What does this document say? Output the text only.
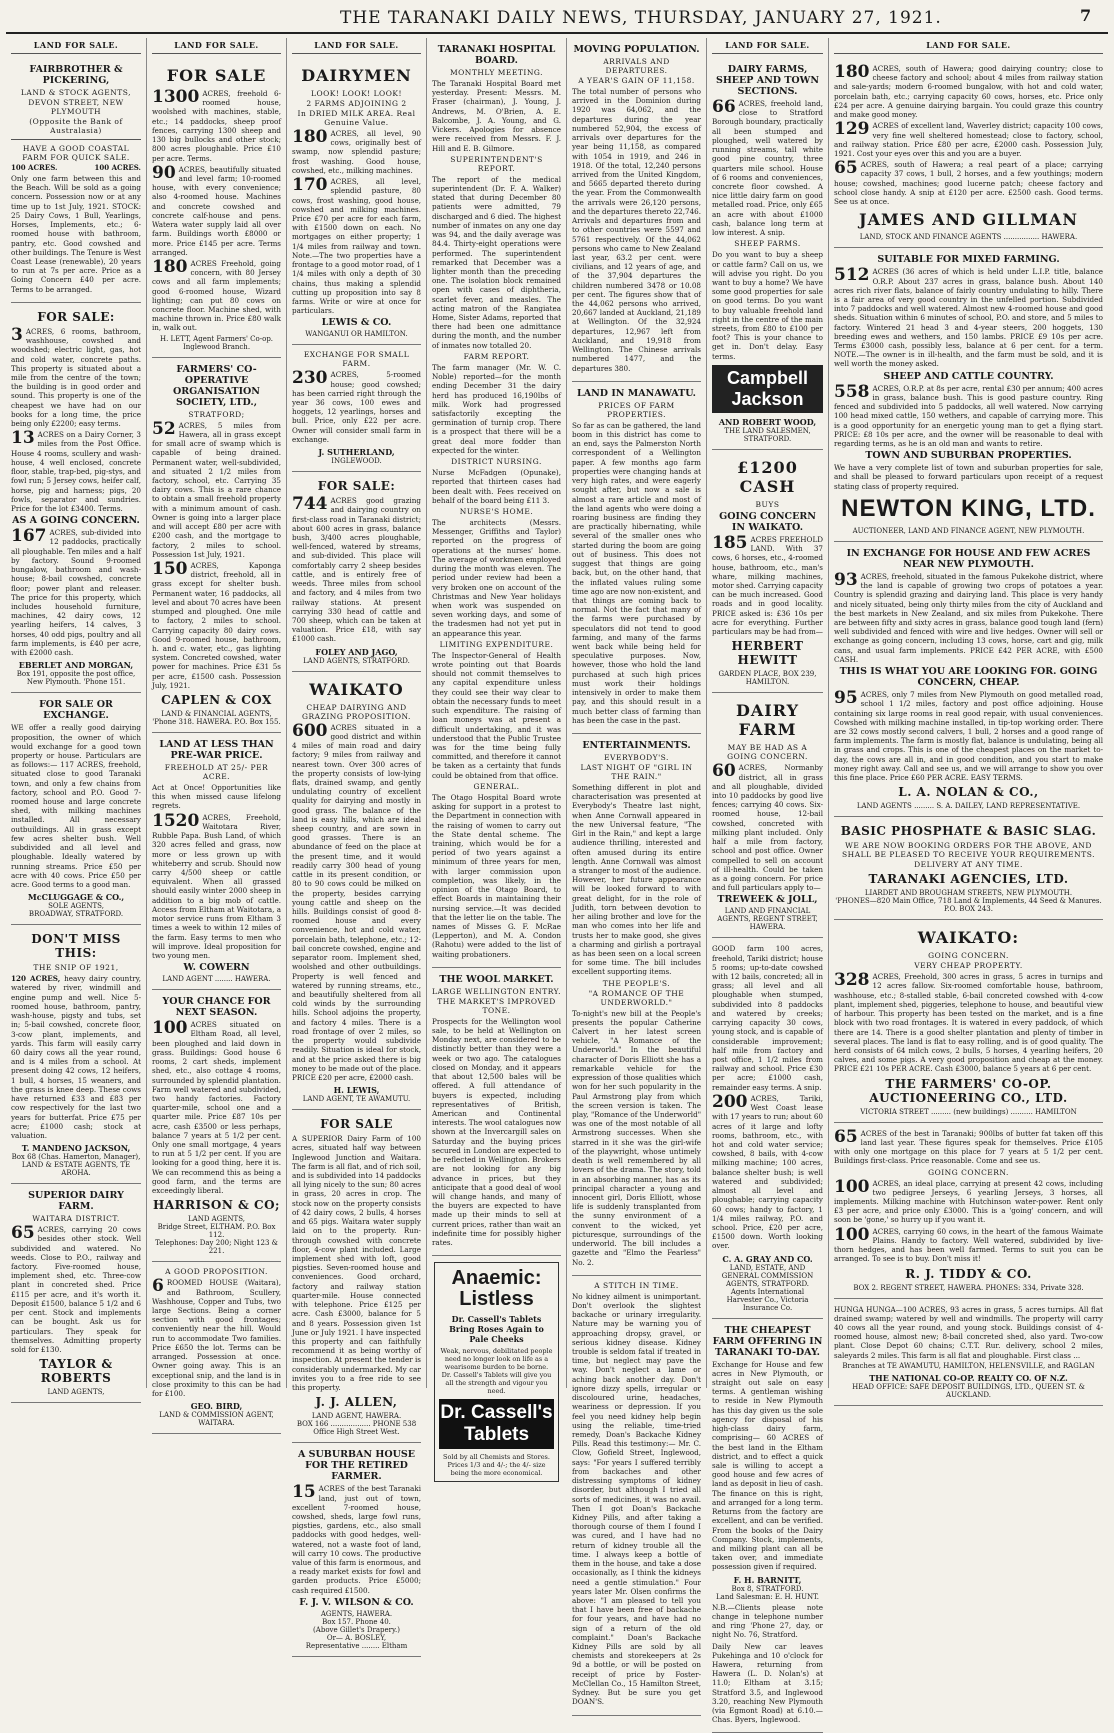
THE TARANAKI DAILY NEWS, THURSDAY, JANUARY 27, 1921.	7
LAND FOR SALE.
FAIRBROTHER & PICKERING,
LAND & STOCK AGENTS,
DEVON STREET, NEW PLYMOUTH
(Opposite the Bank of Australasia)
HAVE A GOOD COASTAL FARM FOR QUICK SALE.
100 ACRES.	100 ACRES.
Only one farm between this and the Beach. Will be sold as a going concern. Possession now or at any time up to 1st July, 1921. STOCK: 25 Dairy Cows, 1 Bull, Yearlings, Horses, Implements, etc.; 6-roomed house with bathroom, pantry, etc. Good cowshed and other buildings. The Tenure is West Coast Lease (renewable), 20 years to run at 7s per acre. Price as a Going Concern £40 per acre. Terms to be arranged.
FOR SALE:
3 ACRES, 6 rooms, bathroom, washhouse, cowshed and woodshed; electric light, gas, hot and cold water, concrete paths. This property is situated about a mile from the centre of the town; the building is in good order and sound. This property is one of the cheapest we have had on our books for a long time, the price being only £2200; easy terms.
13 ACRES on a Dairy Corner, 3 miles from the Post Office. House 4 rooms, scullery and wash-house, 4 well enclosed, concrete floor, stable, trap-bed, pig-stys, and fowl run; 5 Jersey cows, heifer calf, horse, pig and harness; pigs, 20 fowls, separator and sundries. Price for the lot £3400. Terms.
AS A GOING CONCERN.
167 ACRES, sub-divided into 12 paddocks, practically all ploughable. Ten miles and a half by factory. Sound 9-roomed bungalow, bathroom and wash-house; 8-bail cowshed, concrete floor; power plant and releaser. The price for this property, which includes household furniture, machines, 42 dairy cows, 12 yearling heifers, 14 calves, 3 horses, 40 odd pigs, poultry and all farm implements, is £40 per acre, with £2000 cash.
EBERLET AND MORGAN,
Box 191, opposite the post office, New Plymouth. 'Phone 151.
FOR SALE OR EXCHANGE.
WE offer a really good dairying proposition, the owner of which would exchange for a good town property or house. Particulars are as follows:— 117 ACRES, freehold, situated close to good Taranaki town, and only a few chains from factory, school and P.O. Good 7-roomed house and large concrete shed, with milking machines installed. All necessary outbuildings. All in grass except few acres shelter bush. Well subdivided and all level and ploughable. Ideally watered by running streams. Price £50 per acre with 40 cows. Price £50 per acre. Good terms to a good man.
McCLUGGAGE & CO.,
SOLE AGENTS,
BROADWAY, STRATFORD.
DON'T MISS THIS:
THE SNIP OF 1921,
120 ACRES, heavy dairy country, watered by river, windmill and engine pump and well. Nice 5-roomed house, bathroom, pantry, wash-house, pigsty and tubs, set in; 5-bail cowshed, concrete floor, 3-cow plant, implements, and yards. This farm will easily carry 60 dairy cows all the year round, and is 4 miles from a school. At present doing 42 cows, 12 heifers, 1 bull, 4 horses, 15 weaners, and the grass is knee deep. These cows have returned £33 and £83 per cow respectively for the last two years for butterfat. Price £75 per acre; £1000 cash; stock at valuation.
T. MANDENO JACKSON,
Box 68 (Chas. Hamerton, Manager), LAND & ESTATE AGENTS, TE AROHA.
SUPERIOR DAIRY FARM.
WAITARA DISTRICT.
65 ACRES, carrying 20 cows besides other stock. Well subdivided and watered. No weeds. Close to P.O., railway and factory. Five-roomed house, implement shed, etc. Three-cow plant in concreted shed. Price £115 per acre, and it's worth it. Deposit £1500, balance 5 1/2 and 6 per cent. Stock and implements can be bought. Ask us for particulars. They speak for themselves. Admitting property sold for £130.
TAYLOR & ROBERTS
LAND AGENTS,
LAND FOR SALE.
FOR SALE
1300 ACRES, freehold 6-roomed house, woolshed with machines, stable, etc.; 14 paddocks, sheep proof fences, carrying 1300 sheep and 130 big bullocks and other stock; 800 acres ploughable. Price £10 per acre. Terms.
90 ACRES, beautifully situated and level farm; 10-roomed house, with every convenience; also 4-roomed house. Machines and concrete cowshed and concrete calf-house and pens. Watera water supply laid all over farm. Buildings worth £8000 or more. Price £145 per acre. Terms arranged.
180 ACRES Freehold, going concern, with 80 Jersey cows and all farm implements; good 6-roomed house, Wizard lighting; can put 80 cows on concrete floor. Machine shed, with machine thrown in. Price £80 walk in, walk out.
H. LETT, Agent Farmers' Co-op. Inglewood Branch.
FARMERS' CO-OPERATIVE ORGANISATION SOCIETY, LTD.,
STRATFORD;
52 ACRES, 5 miles from Hawera, all in grass except for small acre of swamp which is capable of being drained. Permanent water, well-subdivided, and situated 2 1/2 miles from factory, school, etc. Carrying 35 dairy cows. This is a rare chance to obtain a small freehold property with a minimum amount of cash. Owner is going into a larger place and will accept £80 per acre with £200 cash, and the mortgage to factory, 2 miles to school. Possession 1st July, 1921.
150 ACRES, Kaponga district, freehold, all in grass except for shelter bush. Permanent water, 16 paddocks, all level and about 70 acres have been stumped and ploughed. One mile to factory, 2 miles to school. Carrying capacity 80 dairy cows. Good 9-roomed house, bathroom, h. and c. water, etc., gas lighting system. Concreted cowshed, water power for machines. Price £31 5s per acre, £1500 cash. Possession July, 1921.
CAPLEN & COX
LAND & FINANCIAL AGENTS,
'Phone 318. HAWERA. P.O. Box 155.
LAND AT LESS THAN PRE-WAR PRICE.
FREEHOLD AT 25/- PER ACRE.
Act at Once! Opportunities like this when missed cause lifelong regrets.
1520 ACRES, Freehold, Waitotara River, Rubble Papa. Bush Land, of which 320 acres felled and grass, now more or less grown up with whiteberry and scrub. Should now carry 4/500 sheep or cattle equivalent. When all grassed should easily winter 2000 sheep in addition to a big mob of cattle. Access from Eltham at Waitotara, a motor service runs from Eltham 3 times a week to within 12 miles of the farm. Easy terms to men who will improve. Ideal proposition for two young men.
W. COWERN
LAND AGENT ........ HAWERA.
YOUR CHANCE FOR NEXT SEASON.
100 ACRES situated on Eltham Road, all level, been ploughed and laid down in grass. Buildings: Good house 6 rooms, 2 cart sheds, implement shed, etc., also cottage 4 rooms, surrounded by splendid plantation. Farm well watered and subdivided, two handy factories. Factory quarter-mile, school one and a quarter mile. Price £87 10s per acre, cash £3500 or less perhaps, balance 7 years at 5 1/2 per cent. Only one small mortgage, 4 years to run at 5 1/2 per cent. If you are looking for a good thing, here it is. We can recommend this as being a good farm, and the terms are exceedingly liberal.
HARRISON & CO;
LAND AGENTS,
Bridge Street, ELTHAM. P.O. Box 112.
Telephones: Day 200; Night 123 & 221.
A GOOD PROPOSITION.
6 ROOMED HOUSE (Waitara), and Bathroom, Scullery, Washhouse, Copper and Tubs, two large Sections. Being a corner section with good frontages; conveniently near the hill. Would run to accommodate Two families. Price £650 the lot. Terms can be arranged. Possession at once. Owner going away. This is an exceptional snip, and the land is in close proximity to this can be had for £100.
GEO. BIRD,
LAND & COMMISSION AGENT, WAITARA.
LAND FOR SALE.
DAIRYMEN
LOOK! LOOK! LOOK!
2 FARMS ADJOINING 2
In DRIED MILK AREA. Real Genuine Value.
180 ACRES, all level, 90 cows, originally best of swamp, now splendid pasture; frost washing. Good house, cowshed, etc., milking machines.
170 ACRES, all level, splendid pasture, 80 cows, frost washing, good house, cowshed and milking machines. Price £70 per acre for each farm, with £1500 down on each. No mortgages on either property; 1 1/4 miles from railway and town. Note.—The two properties have a frontage to a good motor road, of 1 1/4 miles with only a depth of 30 chains, thus making a splendid cutting up proposition into say 8 farms. Write or wire at once for particulars.
LEWIS & CO.
WANGANUI OR HAMILTON.
EXCHANGE FOR SMALL FARM.
230 ACRES, 5-roomed house; good cowshed; has been carried right through the year 36 cows, 100 ewes and hoggets, 12 yearlings, horses and bull. Price, only £22 per acre. Owner will consider small farm in exchange.
J. SUTHERLAND,
INGLEWOOD.
FOR SALE:
744 ACRES good grazing and dairying country on first-class road in Taranaki district; about 600 acres in grass, balance bush, 3/400 acres ploughable, well-fenced, watered by streams, and sub-divided. This place will comfortably carry 2 sheep besides cattle, and is entirely free of weeds. Three miles from school and factory, and 4 miles from two railway stations. At present carrying 330 head of cattle and 700 sheep, which can be taken at valuation. Price £18, with say £1000 cash.
FOLEY AND JAGO,
LAND AGENTS, STRATFORD.
WAIKATO
CHEAP DAIRYING AND GRAZING PROPOSITION.
600 ACRES situated in a good district and within 4 miles of main road and dairy factory; 9 miles from railway and nearest town. Over 300 acres of the property consists of low-lying flats, drained swamp, and gently undulating country of excellent quality for dairying and mostly in good grass. The balance of the land is easy hills, which are ideal sheep country, and are sown in good grasses. There is an abundance of feed on the place at the present time, and it would readily carry 300 head of young cattle in its present condition, or 80 to 90 cows could be milked on the property, besides carrying young cattle and sheep on the hills. Buildings consist of good 8-roomed house and every convenience, hot and cold water, porcelain bath, telephone, etc.; 12-bail concrete cowshed, engine and separator room. Implement shed, woolshed and other outbuildings. Property is well fenced and watered by running streams, etc., and beautifully sheltered from all cold winds by the surrounding hills. School adjoins the property, and factory 4 miles. There is a road frontage of over 2 miles, so the property would subdivide readily. Situation is ideal for stock, and at the price asked there is big money to be made out of the place. PRICE £20 per acre, £2000 cash.
H. LEWIS,
LAND AGENT, TE AWAMUTU.
FOR SALE
A SUPERIOR Dairy Farm of 100 acres, situated half way between Inglewood Junction and Waitara. The farm is all flat, and of rich soil, and is subdivided into 14 paddocks all lying nicely to the sun; 80 acres in grass, 20 acres in crop. The stock now on the property consists of 42 dairy cows, 2 bulls, 4 horses and 65 pigs. Waitara water supply laid on to the property. Run-through cowshed with concrete floor, 4-cow plant included. Large implement shed with loft, good pigsties. Seven-roomed house and conveniences. Good orchard, factory and railway station quarter-mile. House connected with telephone. Price £125 per acre. Cash £3000, balance for 5 and 8 years. Possession given 1st June or July 1921. I have inspected this property and can faithfully recommend it as being worthy of inspection. At present the tender is considerably undermarked. My car invites you to a free ride to see this property.
J. J. ALLEN,
LAND AGENT, HAWERA.
BOX 166 .................. PHONE 538
Office High Street West.
A SUBURBAN HOUSE FOR THE RETIRED FARMER.
15 ACRES of the best Taranaki land, just out of town, excellent 7-roomed house, cowshed, sheds, large fowl runs, pigsties, gardens, etc., also small paddocks with good hedges, well-watered, not a waste foot of land, will carry 10 cows. The productive value of this farm is enormous, and a ready market exists for fowl and garden products. Price £5000; cash required £1500.
F. J. V. WILSON & CO.
AGENTS, HAWERA.
Box 157. Phone 40.
(Above Gillet's Drapery.)
Or— A. BOSLEY,
Representative ........ Eltham
TARANAKI HOSPITAL BOARD.
MONTHLY MEETING.
The Taranaki Hospital Board met yesterday. Present: Messrs. M. Fraser (chairman), J. Young, J. Andrews, M. O'Brien, A. E. Balcombe, J. A. Young, and G. Vickers. Apologies for absence were received from Messrs. F. J. Hill and E. B. Gilmore.
SUPERINTENDENT'S REPORT.
The report of the medical superintendent (Dr. F. A. Walker) stated that during December 80 patients were admitted, 79 discharged and 6 died. The highest number of inmates on any one day was 94, and the daily average was 84.4. Thirty-eight operations were performed. The superintendent remarked that December was a lighter month than the preceding one. The isolation block remained open with cases of diphtheria, scarlet fever, and measles. The acting matron of the Rangiatea Home, Sister Adams, reported that there had been one admittance during the month, and the number of inmates now totalled 20.
FARM REPORT.
The farm manager (Mr. W. C. Noble) reported—for the month ending December 31 the dairy herd has produced 16,190lbs of milk. Work had progressed satisfactorily excepting the germination of turnip crop. There is a prospect that there will be a great deal more fodder than expected for the winter.
DISTRICT NURSING.
Nurse McFadgen (Opunake), reported that thirteen cases had been dealt with. Fees received on behalf of the board being £11 3.
NURSE'S HOME.
The architects (Messrs. Messenger, Griffiths and Taylor) reported on the progress of operations at the nurses' home. The average of workmen employed during the month was eleven. The period under review had been a very broken one on account of the Christmas and New Year holidays when work was suspended on seven working days, and some of the tradesmen had not yet put in an appearance this year.
LIMITING EXPENDITURE.
The Inspector-General of Health wrote pointing out that Boards should not commit themselves to any capital expenditure unless they could see their way clear to obtain the necessary funds to meet such expenditure. The raising of loan moneys was at present a difficult undertaking, and it was understood that the Public Trustee was for the time being fully committed, and therefore it cannot be taken as a certainty that funds could be obtained from that office.
GENERAL.
The Otago Hospital Board wrote asking for support in a protest to the Department in connection with the raising of women to carry out the State dental scheme. The training, which would be for a period of two years against a minimum of three years for men, with larger commission upon completion, was likely, in the opinion of the Otago Board, to effect Boards in maintaining their nursing service.—It was decided that the letter lie on the table. The names of Misses G. F. McRae (Lepperton), and M. A. Condon (Rahotu) were added to the list of waiting probationers.
THE WOOL MARKET.
LARGE WELLINGTON ENTRY.
THE MARKET'S IMPROVED TONE.
Prospects for the Wellington wool sale, to be held at Wellington on Monday next, are considered to be distinctly better than they were a week or two ago. The catalogues closed on Monday, and it appears that about 12,500 bales will be offered. A full attendance of buyers is expected, including representatives of British, American and Continental interests. The wool catalogues now shown at the Invercargill sales on Saturday and the buying prices secured in London are expected to be reflected in Wellington. Brokers are not looking for any big advance in prices, but they anticipate that a good deal of wool will change hands, and many of the buyers are expected to have made up their minds to sell at current prices, rather than wait an indefinite time for possibly higher rates.
Anaemic:
Listless
Dr. Cassell's Tablets Bring Roses Again to Pale Cheeks
Weak, nervous, debilitated people need no longer look on life as a wearisome burden to be borne. Dr. Cassell's Tablets will give you all the strength and vigour you need.
Dr. Cassell's Tablets
Sold by all Chemists and Stores. Prices 1/3 and 4/-; the 4/- size being the more economical.
MOVING POPULATION.
ARRIVALS AND DEPARTURES.
A YEAR'S GAIN OF 11,158.
The total number of persons who arrived in the Dominion during 1920 was 64,062, and the departures during the year numbered 52,904, the excess of arrivals over departures for the year being 11,158, as compared with 1054 in 1919, and 246 in 1918. Of the total, 12,240 persons arrived from the United Kingdom, and 5665 departed thereto during the year. From the Commonwealth the arrivals were 26,120 persons, and the departures thereto 22,746. Arrivals and departures from and to other countries were 5597 and 5761 respectively. Of the 44,062 persons who came to New Zealand last year, 63.2 per cent. were civilians, and 12 years of age, and of the 37,904 departures the children numbered 3478 or 10.08 per cent. The figures show that of the 44,062 persons who arrived, 20,667 landed at Auckland, 21,189 at Wellington. Of the 32,924 departures, 12,967 left from Auckland, and 19,918 from Wellington. The Chinese arrivals numbered 1477, and the departures 380.
LAND IN MANAWATU.
PRICES OF FARM PROPERTIES.
So far as can be gathered, the land boom in this district has come to an end, says the Palmerston North correspondent of a Wellington paper. A few months ago farm properties were changing hands at very high rates, and were eagerly sought after, but now a sale is almost a rare article and most of the land agents who were doing a roaring business are finding they are practically hibernating, while several of the smaller ones who started during the boom are going out of business. This does not suggest that things are going back, but, on the other hand, that the inflated values ruling some time ago are now non-existent, and that things are coming back to normal. Not the fact that many of the farms were purchased by speculators did not tend to good farming, and many of the farms went back while being held for speculative purposes. Now, however, those who hold the land purchased at such high prices must work their holdings intensively in order to make them pay, and this should result in a much better class of farming than has been the case in the past.
ENTERTAINMENTS.
EVERYBODY'S.
LAST NIGHT OF "GIRL IN THE RAIN."
Something different in plot and characterisation was presented at Everybody's Theatre last night, when Anne Cornwall appeared in the new Universal feature, "The Girl in the Rain," and kept a large audience thrilling, interested and often amused during its entire length. Anne Cornwall was almost a stranger to most of the audience. However, her future appearance will be looked forward to with great delight, for in the role of Judith, torn between devotion to her ailing brother and love for the man who comes into her life and trusts her to make good, she gives a charming and girlish a portrayal as has been seen on a local screen for some time. The bill includes excellent supporting items.
THE PEOPLE'S.
"A ROMANCE OF THE UNDERWORLD."
To-night's new bill at the People's presents the popular Catherine Calvert in her latest screen vehicle, "A Romance of the Underworld." In the beautiful character of Doris Elliott she has a remarkable vehicle for the expression of those qualities which won for her such popularity in the Paul Armstrong play from which the screen version is taken. The play, "Romance of the Underworld" was one of the most notable of all Armstrong successes. When she starred in it she was the girl-wife of the playwright, whose untimely death is well remembered by all lovers of the drama. The story, told in an absorbing manner, has as its principal character a young and innocent girl, Doris Elliott, whose life is suddenly transplanted from the sunny environment of a convent to the wicked, yet picturesque, surroundings of the underworld. The bill includes a gazette and "Elmo the Fearless" No. 2.
A STITCH IN TIME.
No kidney ailment is unimportant. Don't overlook the slightest backache or urinary irregularity. Nature may be warning you of approaching dropsy, gravel, or serious kidney disease. Kidney trouble is seldom fatal if treated in time, but neglect may pave the way. Don't neglect a lame or aching back another day. Don't ignore dizzy spells, irregular or discoloured urine, headaches, weariness or depression. If you feel you need kidney help begin using the reliable, time-tried remedy, Doan's Backache Kidney Pills. Read this testimony:— Mr. C. Clow, Gofield Street, Inglewood, says: "For years I suffered terribly from backaches and other distressing symptoms of kidney disorder, but although I tried all sorts of medicines, it was no avail. Then I got Doan's Backache Kidney Pills, and after taking a thorough course of them I found I was cured, and I have had no return of kidney trouble all the time. I always keep a bottle of them in the house, and take a dose occasionally, as I think the kidneys need a gentle stimulation." Four years later Mr. Olsen confirms the above: "I am pleased to tell you that I have been free of backache for four years, and have had no sign of a return of the old complaint." Doan's Backache Kidney Pills are sold by all chemists and storekeepers at 2s 9d a bottle, or will be posted on receipt of price by Foster-McClellan Co., 15 Hamilton Street, Sydney. But be sure you get DOAN'S.
LAND FOR SALE.
DAIRY FARMS, SHEEP AND TOWN SECTIONS.
66 ACRES, freehold land, close to Stratford Borough boundary, practically all been stumped and ploughed, well watered by running streams, tall white good pine country, three quarters mile school. House of 6 rooms and conveniences, concrete floor cowshed. A nice little dairy farm on good metalled road. Price, only £65 an acre with about £1000 cash, balance long term at low interest. A snip.
SHEEP FARMS.
Do you want to buy a sheep or cattle farm? Call on us, we will advise you right. Do you want to buy a home? We have some good properties for sale on good terms. Do you want to buy valuable freehold land right in the centre of the main streets, from £80 to £100 per foot? This is your chance to get in. Don't delay. Easy terms.
Campbell Jackson
AND ROBERT WOOD,
THE LAND SALESMEN, STRATFORD.
£1200 CASH
BUYS
GOING CONCERN IN WAIKATO.
185 ACRES FREEHOLD LAND. With 37 cows, 6 horses, etc., 4-roomed house, bathroom, etc., man's whare, milking machines, motor shed. Carrying capacity can be much increased. Good roads and in good locality. PRICE asked is: £36 10s per acre for everything. Further particulars may be had from—
HERBERT HEWITT
GARDEN PLACE, BOX 239, HAMILTON.
DAIRY FARM
MAY BE HAD AS A GOING CONCERN.
60 ACRES, Normanby district, all in grass and all ploughable, divided into 10 paddocks by good live fences; carrying 40 cows. Six-roomed house, 12-bail cowshed, concreted with milking plant included. Only half a mile from factory, school and post office. Owner compelled to sell on account of ill-health. Could be taken as a going concern. For price and full particulars apply to—
TREWEEK & JOLL,
LAND AND FINANCIAL AGENTS, REGENT STREET, HAWERA.
GOOD farm 100 acres, freehold, Tariki district; house 5 rooms; up-to-date cowshed with 12 bails, concreted; all in grass; all level and all ploughable when stumped, subdivided into 8 paddocks and watered by creeks; carrying capacity 30 cows, young stock, and is capable of considerable improvement; half mile from factory and post office, 1 1/2 miles from railway and school. Price £30 per acre; £1000 cash, remainder easy terms. A snip.
200 ACRES, Tariki, West Coast lease with 17 years to run; about 60 acres of it large and lofty rooms, bathroom, etc., with hot and cold water service; cowshed, 8 bails, with 4-cow milking machine; 100 acres, balance shelter bush; is well watered and subdivided; almost all level and ploughable; carrying capacity 60 cows; handy to factory, 1 1/4 miles railway, P.O. and school. Price, £20 per acre, £1500 down. Worth looking over.
C. A. GRAY AND CO.
LAND, ESTATE, AND GENERAL COMMISSION AGENTS, STRATFORD.
Agents International Harvester Co., Victoria Insurance Co.
THE CHEAPEST FARM OFFERING IN TARANAKI TO-DAY.
Exchange for House and few acres in New Plymouth, or straight out sale on easy terms. A gentleman wishing to reside in New Plymouth has this day given us the sole agency for disposal of his high-class dairy farm, comprising— 60 ACRES of the best land in the Eltham district, and to effect a quick sale is willing to accept a good house and few acres of land as deposit in lieu of cash. The finance on this is right, and arranged for a long term. Returns from the factory are excellent, and can be verified. From the books of the Dairy Company. Stock, implements, and milking plant can all be taken over, and immediate possession given if required.
F. H. BARNITT,
Box 8, STRATFORD.
Land Salesman: E. H. HUNT.
N.B.—Clients please note change in telephone number and ring 'Phone 27, day, or night No. 76, Stratford.
Daily New car leaves Pukehinga and 10 o'clock for Hawera, returning from Hawera (L. D. Nolan's) at 11.0; Eltham at 3.15; Stratford 3.5, and Inglewood 3.20, reaching New Plymouth (via Egmont Road) at 6.10.—Chas. Byers, Inglewood.
LAND FOR SALE.
180 ACRES, south of Hawera; good dairying country; close to cheese factory and school; about 4 miles from railway station and sale-yards; modern 6-roomed bungalow, with hot and cold water, porcelain bath, etc.; carrying capacity 60 cows, horses, etc. Price only £24 per acre. A genuine dairying bargain. You could graze this country and make good money.
129 ACRES of excellent land, Waverley district; capacity 100 cows, very fine well sheltered homestead; close to factory, school, and railway station. Price £80 per acre, £2000 cash. Possession July, 1921. Cost your eyes over this and you are a buyer.
65 ACRES, south of Hawera; a real peart of a place; carrying capacity 37 cows, 1 bull, 2 horses, and a few youthings; modern house; cowshed, machines; good lucerne patch; cheese factory and school close handy. A snip at £120 per acre. £2500 cash. Good terms. See us at once.
JAMES AND GILLMAN
LAND, STOCK AND FINANCE AGENTS ................ HAWERA.
SUITABLE FOR MIXED FARMING.
512 ACRES (36 acres of which is held under L.I.P. title, balance O.R.P. About 237 acres in grass, balance bush. About 140 acres rich river flats, balance of fairly country undulating to hilly. There is a fair area of very good country in the unfelled portion. Subdivided into 7 paddocks and well watered. Almost new 4-roomed house and good sheds. Situation within 6 minutes of school, P.O. and store, and 5 miles to factory. Wintered 21 head 3 and 4-year steers, 200 hoggets, 130 breeding ewes and wethers, and 150 lambs. PRICE £9 10s per acre. Terms £3000 cash, possibly less, balance at 6 per cent. for a term. NOTE.—The owner is in ill-health, and the farm must be sold, and it is well worth the money asked.
SHEEP AND CATTLE COUNTRY.
558 ACRES, O.R.P. at 8s per acre, rental £30 per annum; 400 acres in grass, balance bush. This is good pasture country. Ring fenced and subdivided into 5 paddocks, all well watered. Now carrying 100 head mixed cattle, 150 wethers, and capable of carrying more. This is a good opportunity for an energetic young man to get a flying start. PRICE: £8 10s per acre, and the owner will be reasonable to deal with regarding terms, as he is an old man and wants to retire.
TOWN AND SUBURBAN PROPERTIES.
We have a very complete list of town and suburban properties for sale, and shall be pleased to forward particulars upon receipt of a request stating class of property required.
NEWTON KING, LTD.
AUCTIONEER, LAND AND FINANCE AGENT, NEW PLYMOUTH.
IN EXCHANGE FOR HOUSE AND FEW ACRES NEAR NEW PLYMOUTH.
93 ACRES, freehold, situated in the famous Pukekohe district, where the land is capable of growing two crops of potatoes a year. Country is splendid grazing and dairying land. This place is very handy and nicely situated, being only thirty miles from the city of Auckland and the best markets in New Zealand, and six miles from Pukekohe. There are between fifty and sixty acres in grass, balance good tough land (fern) well subdivided and fenced with wire and live hedges. Owner will sell or exchange as going concern, including 13 cows, horse, cart and gig, milk cans, and usual farm implements. PRICE £42 PER ACRE, with £500 CASH.
THIS IS WHAT YOU ARE LOOKING FOR. GOING CONCERN, CHEAP.
95 ACRES, only 7 miles from New Plymouth on good metalled road, school 1 1/2 miles, factory and post office adjoining. House containing six large rooms in real good repair, with usual conveniences. Cowshed with milking machine installed, in tip-top working order. There are 32 cows mostly second calvers, 1 bull, 2 horses and a good range of farm implements. The farm is mostly flat, balance is undulating, being all in grass and crops. This is one of the cheapest places on the market to-day, the cows are all in, and in good condition, and you start to make money right away. Call and see us, and we will arrange to show you over this fine place. Price £60 PER ACRE. EASY TERMS.
L. A. NOLAN & CO.,
LAND AGENTS ......... S. A. DAILEY, LAND REPRESENTATIVE.
BASIC PHOSPHATE & BASIC SLAG.
WE ARE NOW BOOKING ORDERS FOR THE ABOVE, AND SHALL BE PLEASED TO RECEIVE YOUR REQUIREMENTS.
DELIVERY AT ANY TIME.
TARANAKI AGENCIES, LTD.
LIARDET AND BROUGHAM STREETS, NEW PLYMOUTH.
'PHONES—820 Main Office, 718 Land & Implements, 44 Seed & Manures. P.O. BOX 243.
WAIKATO:
GOING CONCERN.
VERY CHEAP PROPERTY.
328 ACRES, Freehold, 300 acres in grass, 5 acres in turnips and 12 acres fallow. Six-roomed comfortable house, bathroom, washhouse, etc.; 8-stalled stable, 6-bail concreted cowshed with 4-cow plant, implement shed, piggeries, telephone to house, and beautiful view of harbour. This property has been tested on the market, and is a fine block with two road frontages. It is watered in every paddock, of which there are 14. There is a good shelter plantation and plenty of timber in several places. The land is flat to easy rolling, and is of good quality. The herd consists of 64 milch cows, 2 bulls, 5 horses, 4 yearling heifers, 20 calves, and some pigs. A very good proposition and cheap at the money. PRICE £21 10s PER ACRE. Cash £3000, balance 5 years at 6 per cent.
THE FARMERS' CO-OP. AUCTIONEERING CO., LTD.
VICTORIA STREET ......... (new buildings) .......... HAMILTON
65 ACRES of the best in Taranaki; 900lbs of butter fat taken off this land last year. These figures speak for themselves. Price £105 with only one mortgage on this place for 7 years at 5 1/2 per cent. Buildings first-class. Price reasonable. Come and see us.
GOING CONCERN.
100 ACRES, an ideal place, carrying at present 42 cows, including two pedigree Jerseys, 6 yearling Jerseys, 3 horses, all implements. Milking machine with Hutchinson water-power. Rent only £3 per acre, and price only £3000. This is a 'going' concern, and will soon be 'gone,' so hurry up if you want it.
100 ACRES, carrying 60 cows, in the heart of the famous Waimate Plains. Handy to factory. Well watered, subdivided by live-thorn hedges, and has been well farmed. Terms to suit you can be arranged. To see is to buy. Don't miss it!
R. J. TIDDY & CO.
BOX 2. REGENT STREET, HAWERA. PHONES: 334, Private 328.
HUNGA HUNGA—100 ACRES, 93 acres in grass, 5 acres turnips. All flat drained swamp; watered by well and windmills. The property will carry 40 cows all the year round, and young stock. Buildings consist of 4-roomed house, almost new; 8-bail concreted shed, also yard. Two-cow plant. Close Depot 60 chains; C.T.T. Rur. delivery, school 2 miles, saleyards 2 miles. This farm is all flat and ploughable. First class ...
Branches at TE AWAMUTU, HAMILTON, HELENSVILLE, and RAGLAN
THE NATIONAL CO-OP. REALTY CO. OF N.Z.
HEAD OFFICE: SAFE DEPOSIT BUILDINGS, LTD., QUEEN ST. & AUCKLAND.
